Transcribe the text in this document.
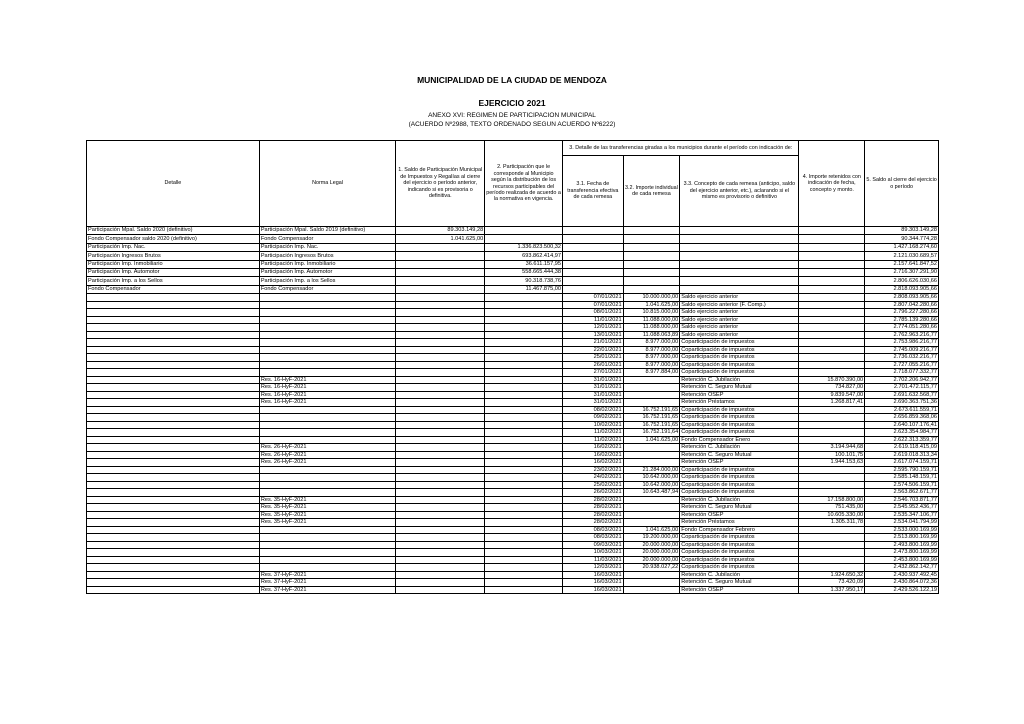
MUNICIPALIDAD DE LA CIUDAD DE MENDOZA
EJERCICIO 2021
ANEXO XVI: REGIMEN DE PARTICIPACION MUNICIPAL
(ACUERDO Nº2988, TEXTO ORDENADO SEGUN ACUERDO Nº6222)
Detalle	Norma Legal	1. Saldo de Participación Municipal de Impuestos y Regalías al cierre del ejercicio o período anterior, indicando si es provisoria o definitiva.	2. Participación que le corresponde al Municipio según la distribución de los recursos participables del período realizada de acuerdo a la normativa en vigencia.	3. Detalle de las transferencias giradas a los municipios durante el período con indicación de:			4. Importe retenidos con indicación de fecha, concepto y monto.	5. Saldo al cierre del ejercicio o período
				3.1. Fecha de transferencia efectiva de cada remesa	3.2. Importe individual de cada remesa	3.3. Concepto de cada remesa (anticipo, saldo del ejercicio anterior, etc.), aclarando si el mismo es provisorio o definitivo		
Participación Mpal. Saldo 2020 (definitivo)	Participación Mpal. Saldo 2019 (definitivo)	89.303.149,28						89.303.149,28
Fondo Compensador saldo 2020 (definitivo)	Fondo Compensador	1.041.625,00						90.344.774,28
Participación Imp. Nac.	Participación Imp. Nac.		1.336.823.500,32					1.427.168.274,60
Participación Ingresos Brutos	Participación Ingresos Brutos		693.862.414,97					2.121.030.689,57
Participación Imp. Inmobiliario	Participación Imp. Inmobiliario		36.611.157,95					2.157.641.847,52
Participación Imp. Automotor	Participación Imp. Automotor		558.665.444,38					2.716.307.291,90
Participación Imp. a los Sellos	Participación Imp. a los Sellos		90.318.738,76					2.806.626.030,66
Fondo Compensador	Fondo Compensador		11.467.875,00					2.818.093.905,66
				07/01/2021	10.000.000,00	Saldo ejercicio anterior		2.808.093.905,66
				07/01/2021	1.041.625,00	Saldo ejercicio anterior (F. Comp.)		2.807.042.280,66
				08/01/2021	10.815.000,00	Saldo ejercicio anterior		2.796.227.280,66
				11/01/2021	11.088.000,00	Saldo ejercicio anterior		2.785.139.280,66
				12/01/2021	11.088.000,00	Saldo ejercicio anterior		2.774.051.280,66
				13/01/2021	11.088.063,89	Saldo ejercicio anterior		2.762.963.216,77
				21/01/2021	8.977.000,00	Coparticipación de impuestos		2.753.986.216,77
				22/01/2021	8.977.000,00	Coparticipación de impuestos		2.745.009.216,77
				25/01/2021	8.977.000,00	Coparticipación de impuestos		2.736.032.216,77
				26/01/2021	8.977.000,00	Coparticipación de impuestos		2.727.055.216,77
				27/01/2021	8.977.884,00	Coparticipación de impuestos		2.718.077.332,77
	Res. 16-HyF-2021			31/01/2021		Retención C. Jubilación	15.870.390,00	2.702.206.942,77
	Res. 16-HyF-2021			31/01/2021		Retención C. Seguro Mutual	734.827,00	2.701.472.115,77
	Res. 16-HyF-2021			31/01/2021		Retención OSEP	9.839.547,00	2.691.632.568,77
	Res. 16-HyF-2021			31/01/2021		Retención Préstamos	1.268.817,41	2.690.363.751,36
				08/02/2021	16.752.191,65	Coparticipación de impuestos		2.673.611.559,71
				09/02/2021	16.752.191,65	Coparticipación de impuestos		2.656.859.368,06
				10/02/2021	16.752.191,65	Coparticipación de impuestos		2.640.107.176,41
				11/02/2021	16.752.191,64	Coparticipación de impuestos		2.623.354.984,77
				11/02/2021	1.041.625,00	Fondo Compensador Enero		2.622.313.359,77
	Res. 26-HyF-2021			16/02/2021		Retención C. Jubilación	3.194.944,68	2.619.118.415,09
	Res. 26-HyF-2021			16/02/2021		Retención C. Seguro Mutual	100.101,75	2.619.018.313,34
	Res. 26-HyF-2021			16/02/2021		Retención OSEP	1.944.153,63	2.617.074.159,71
				23/02/2021	21.284.000,00	Coparticipación de impuestos		2.595.790.159,71
				24/02/2021	10.642.000,00	Coparticipación de impuestos		2.585.148.159,71
				25/02/2021	10.642.000,00	Coparticipación de impuestos		2.574.506.159,71
				26/02/2021	10.643.487,94	Coparticipación de impuestos		2.563.862.671,77
	Res. 35-HyF-2021			28/02/2021		Retención C. Jubilación	17.158.800,00	2.546.703.871,77
	Res. 35-HyF-2021			28/02/2021		Retención C. Seguro Mutual	751.435,00	2.545.952.436,77
	Res. 35-HyF-2021			28/02/2021		Retención OSEP	10.605.330,00	2.535.347.106,77
	Res. 35-HyF-2021			28/02/2021		Retención Préstamos	1.305.311,78	2.534.041.794,99
				08/03/2021	1.041.625,00	Fondo Compensador Febrero		2.533.000.169,99
				08/03/2021	19.200.000,00	Coparticipación de impuestos		2.513.800.169,99
				09/03/2021	20.000.000,00	Coparticipación de impuestos		2.493.800.169,99
				10/03/2021	20.000.000,00	Coparticipación de impuestos		2.473.800.169,99
				11/03/2021	20.000.000,00	Coparticipación de impuestos		2.453.800.169,99
				12/03/2021	20.938.027,22	Coparticipación de impuestos		2.432.862.142,77
	Res. 37-HyF-2021			16/03/2021		Retención C. Jubilación	1.924.650,32	2.430.937.492,45
	Res. 37-HyF-2021			16/03/2021		Retención C. Seguro Mutual	73.420,09	2.430.864.072,36
	Res. 37-HyF-2021			16/03/2021		Retención OSEP	1.337.950,17	2.429.526.122,19
